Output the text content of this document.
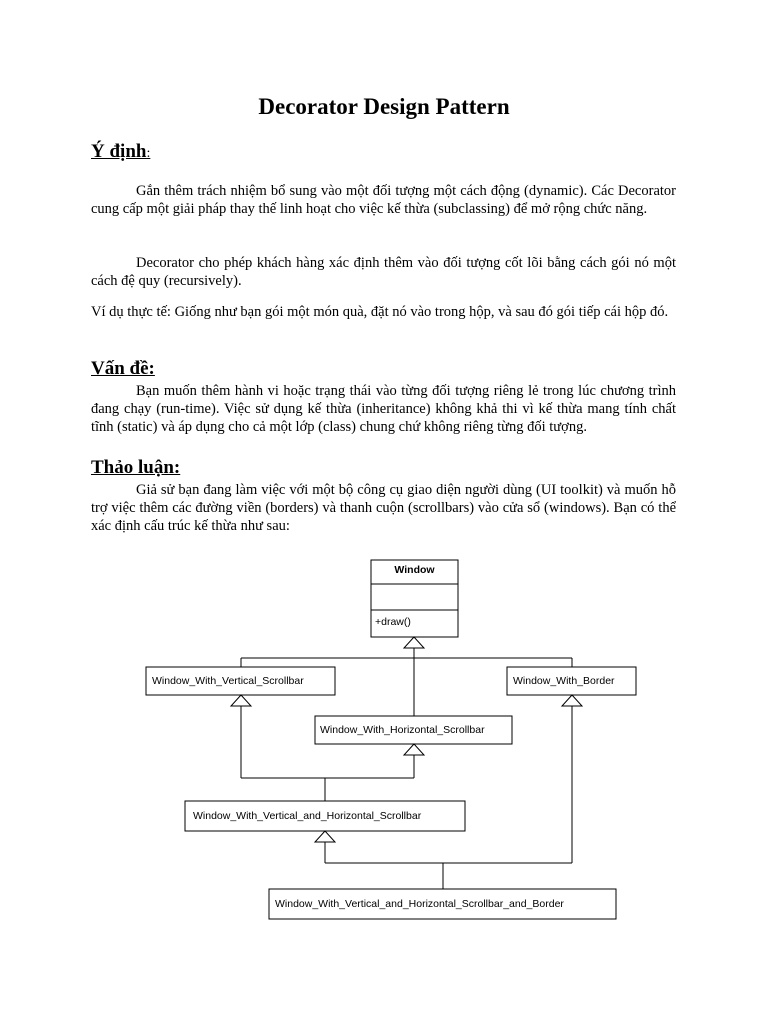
Decorator Design Pattern
Ý định:
Gắn thêm trách nhiệm bổ sung vào một đối tượng một cách động (dynamic). Các Decorator cung cấp một giải pháp thay thế linh hoạt cho việc kế thừa (subclassing) để mở rộng chức năng.
Decorator cho phép khách hàng xác định thêm vào đối tượng cốt lõi bằng cách gói nó một cách đệ quy (recursively).
Ví dụ thực tế: Giống như bạn gói một món quà, đặt nó vào trong hộp, và sau đó gói tiếp cái hộp đó.
Vấn đề:
Bạn muốn thêm hành vi hoặc trạng thái vào từng đối tượng riêng lẻ trong lúc chương trình đang chạy (run-time). Việc sử dụng kế thừa (inheritance) không khả thi vì kế thừa mang tính chất tĩnh (static) và áp dụng cho cả một lớp (class) chung chứ không riêng từng đối tượng.
Thảo luận:
Giả sử bạn đang làm việc với một bộ công cụ giao diện người dùng (UI toolkit) và muốn hỗ trợ việc thêm các đường viền (borders) và thanh cuộn (scrollbars) vào cửa sổ (windows). Bạn có thể xác định cấu trúc kế thừa như sau:
Window
+draw()
Window_With_Vertical_Scrollbar	Window_With_Border
Window_With_Horizontal_Scrollbar
Window_With_Vertical_and_Horizontal_Scrollbar
Window_With_Vertical_and_Horizontal_Scrollbar_and_Border
